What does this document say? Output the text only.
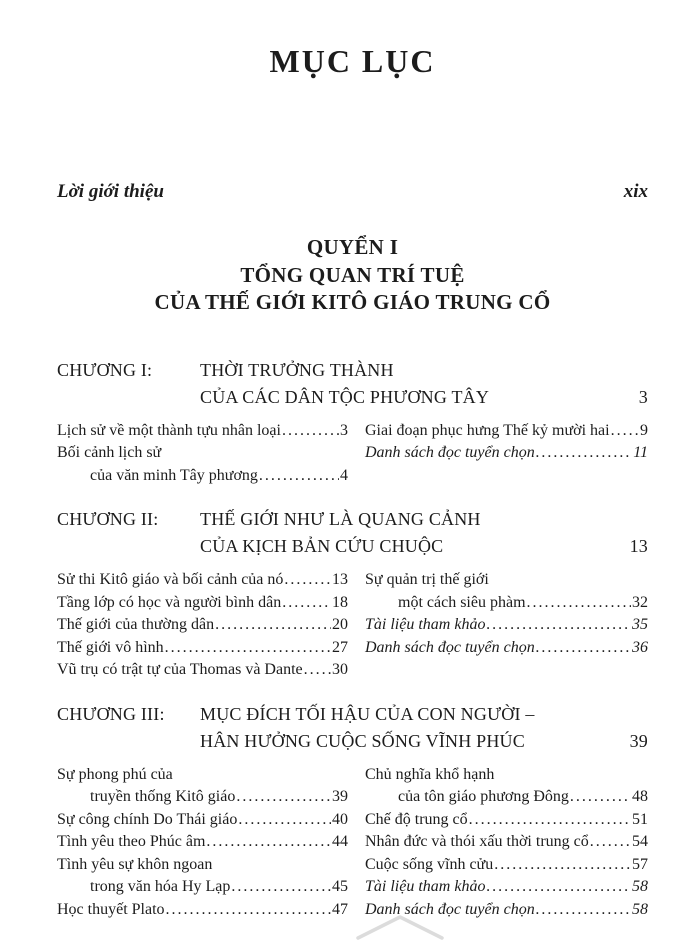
MỤC LỤC
Lời giới thiệu	xix
QUYỂN I
TỔNG QUAN TRÍ TUỆ
CỦA THẾ GIỚI KITÔ GIÁO TRUNG CỔ
CHƯƠNG I:	THỜI TRƯỞNG THÀNH
CỦA CÁC DÂN TỘC PHƯƠNG TÂY	3
Lịch sử về một thành tựu nhân loại .....	3
Bối cảnh lịch sử
của văn minh Tây phương .....	4
Giai đoạn phục hưng Thế kỷ mười hai ..... 9
Danh sách đọc tuyển chọn .....	11
CHƯƠNG II:	THẾ GIỚI NHƯ LÀ QUANG CẢNH
CỦA KỊCH BẢN CỨU CHUỘC	13
Sử thi Kitô giáo và bối cảnh của nó .....	13
Tầng lớp có học và người bình dân .....	18
Thế giới của thường dân .....	20
Thế giới vô hình .....	27
Vũ trụ có trật tự của Thomas và Dante ..... 30
Sự quản trị thế giới
một cách siêu phàm .....	32
Tài liệu tham khảo .....	35
Danh sách đọc tuyển chọn .....	36
CHƯƠNG III:	MỤC ĐÍCH TỐI HẬU CỦA CON NGƯỜI –
HÂN HƯỞNG CUỘC SỐNG VĨNH PHÚC	39
Sự phong phú của
truyền thống Kitô giáo .....	39
Sự công chính Do Thái giáo .....	40
Tình yêu theo Phúc âm .....	44
Tình yêu sự khôn ngoan
trong văn hóa Hy Lạp .....	45
Học thuyết Plato .....	47
Chủ nghĩa khổ hạnh
của tôn giáo phương Đông .....	48
Chế độ trung cổ .....	51
Nhân đức và thói xấu thời trung cổ .....	54
Cuộc sống vĩnh cửu .....	57
Tài liệu tham khảo .....	58
Danh sách đọc tuyển chọn .....	58
